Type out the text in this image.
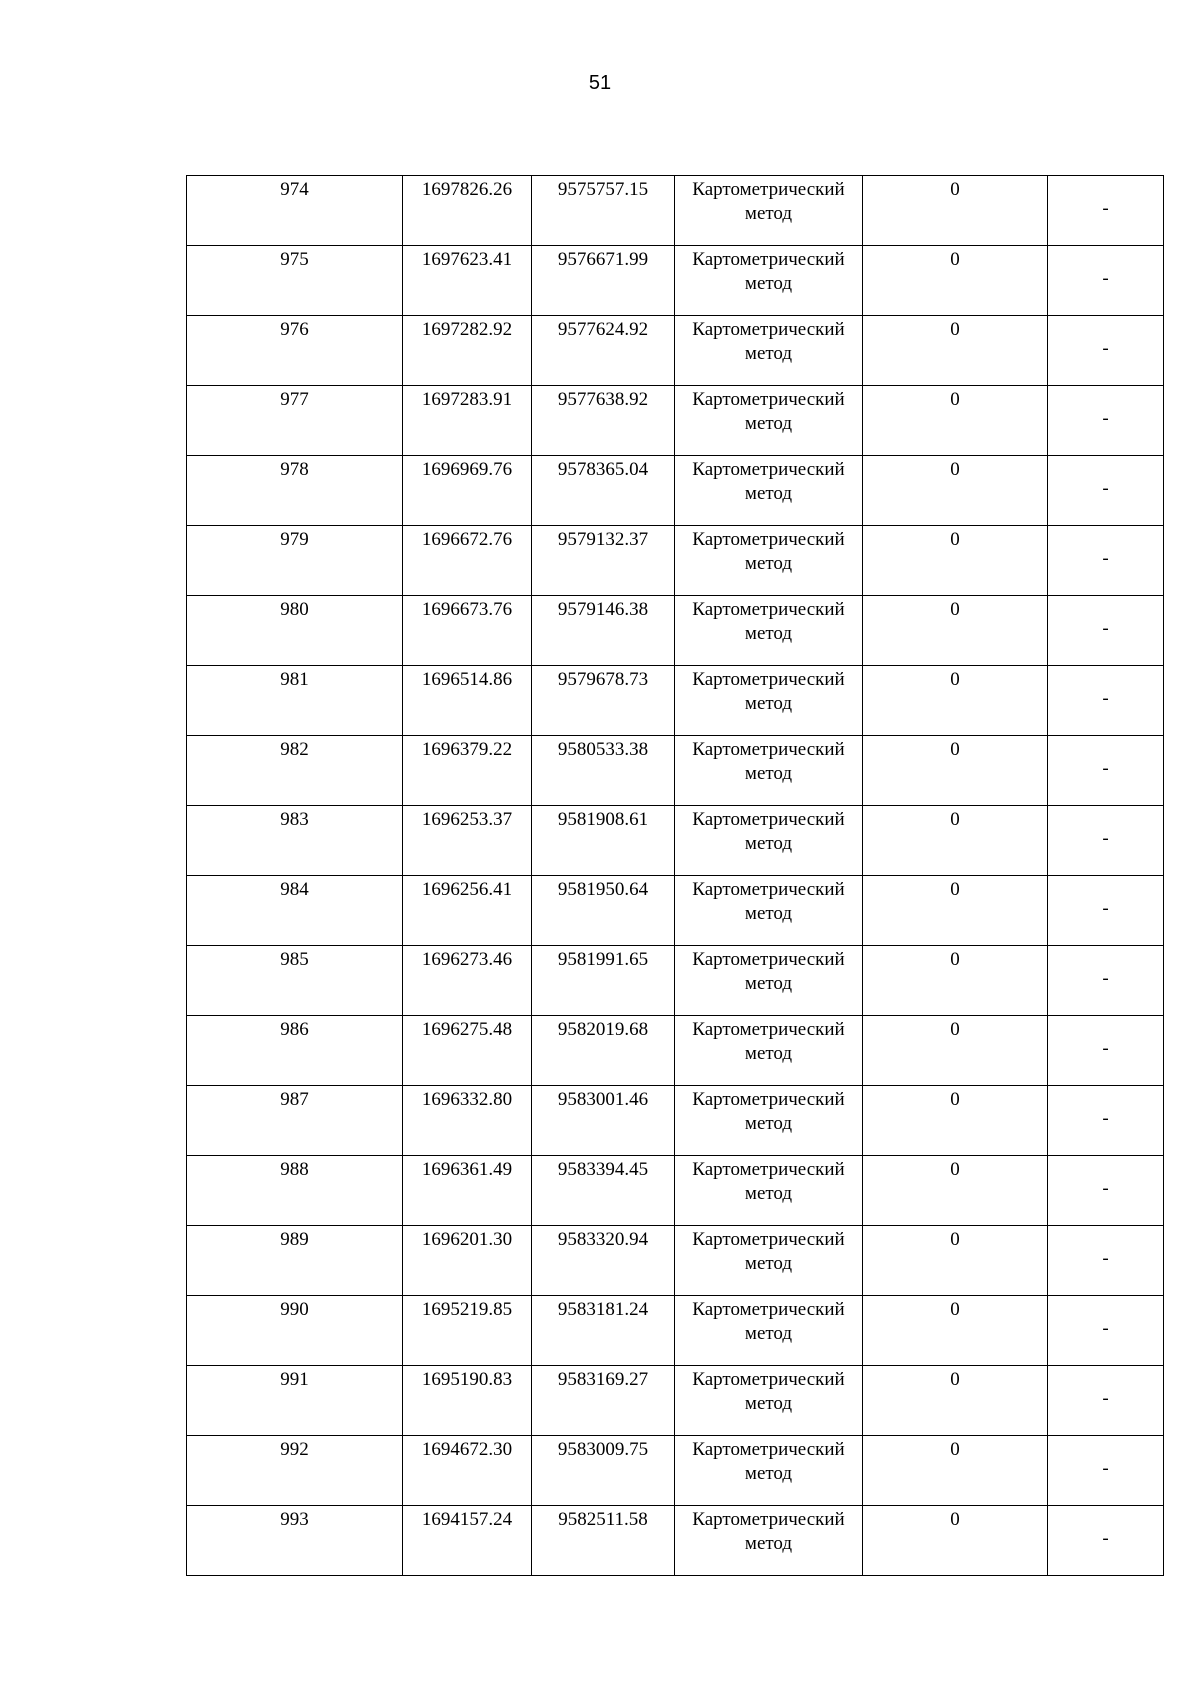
51
974	1697826.26	9575757.15	Картометрический метод	0	-

975	1697623.41	9576671.99	Картометрический метод	0	-

976	1697282.92	9577624.92	Картометрический метод	0	-

977	1697283.91	9577638.92	Картометрический метод	0	-

978	1696969.76	9578365.04	Картометрический метод	0	-

979	1696672.76	9579132.37	Картометрический метод	0	-

980	1696673.76	9579146.38	Картометрический метод	0	-

981	1696514.86	9579678.73	Картометрический метод	0	-

982	1696379.22	9580533.38	Картометрический метод	0	-

983	1696253.37	9581908.61	Картометрический метод	0	-

984	1696256.41	9581950.64	Картометрический метод	0	-

985	1696273.46	9581991.65	Картометрический метод	0	-

986	1696275.48	9582019.68	Картометрический метод	0	-

987	1696332.80	9583001.46	Картометрический метод	0	-

988	1696361.49	9583394.45	Картометрический метод	0	-

989	1696201.30	9583320.94	Картометрический метод	0	-

990	1695219.85	9583181.24	Картометрический метод	0	-

991	1695190.83	9583169.27	Картометрический метод	0	-

992	1694672.30	9583009.75	Картометрический метод	0	-

993	1694157.24	9582511.58	Картометрический метод	0	-
